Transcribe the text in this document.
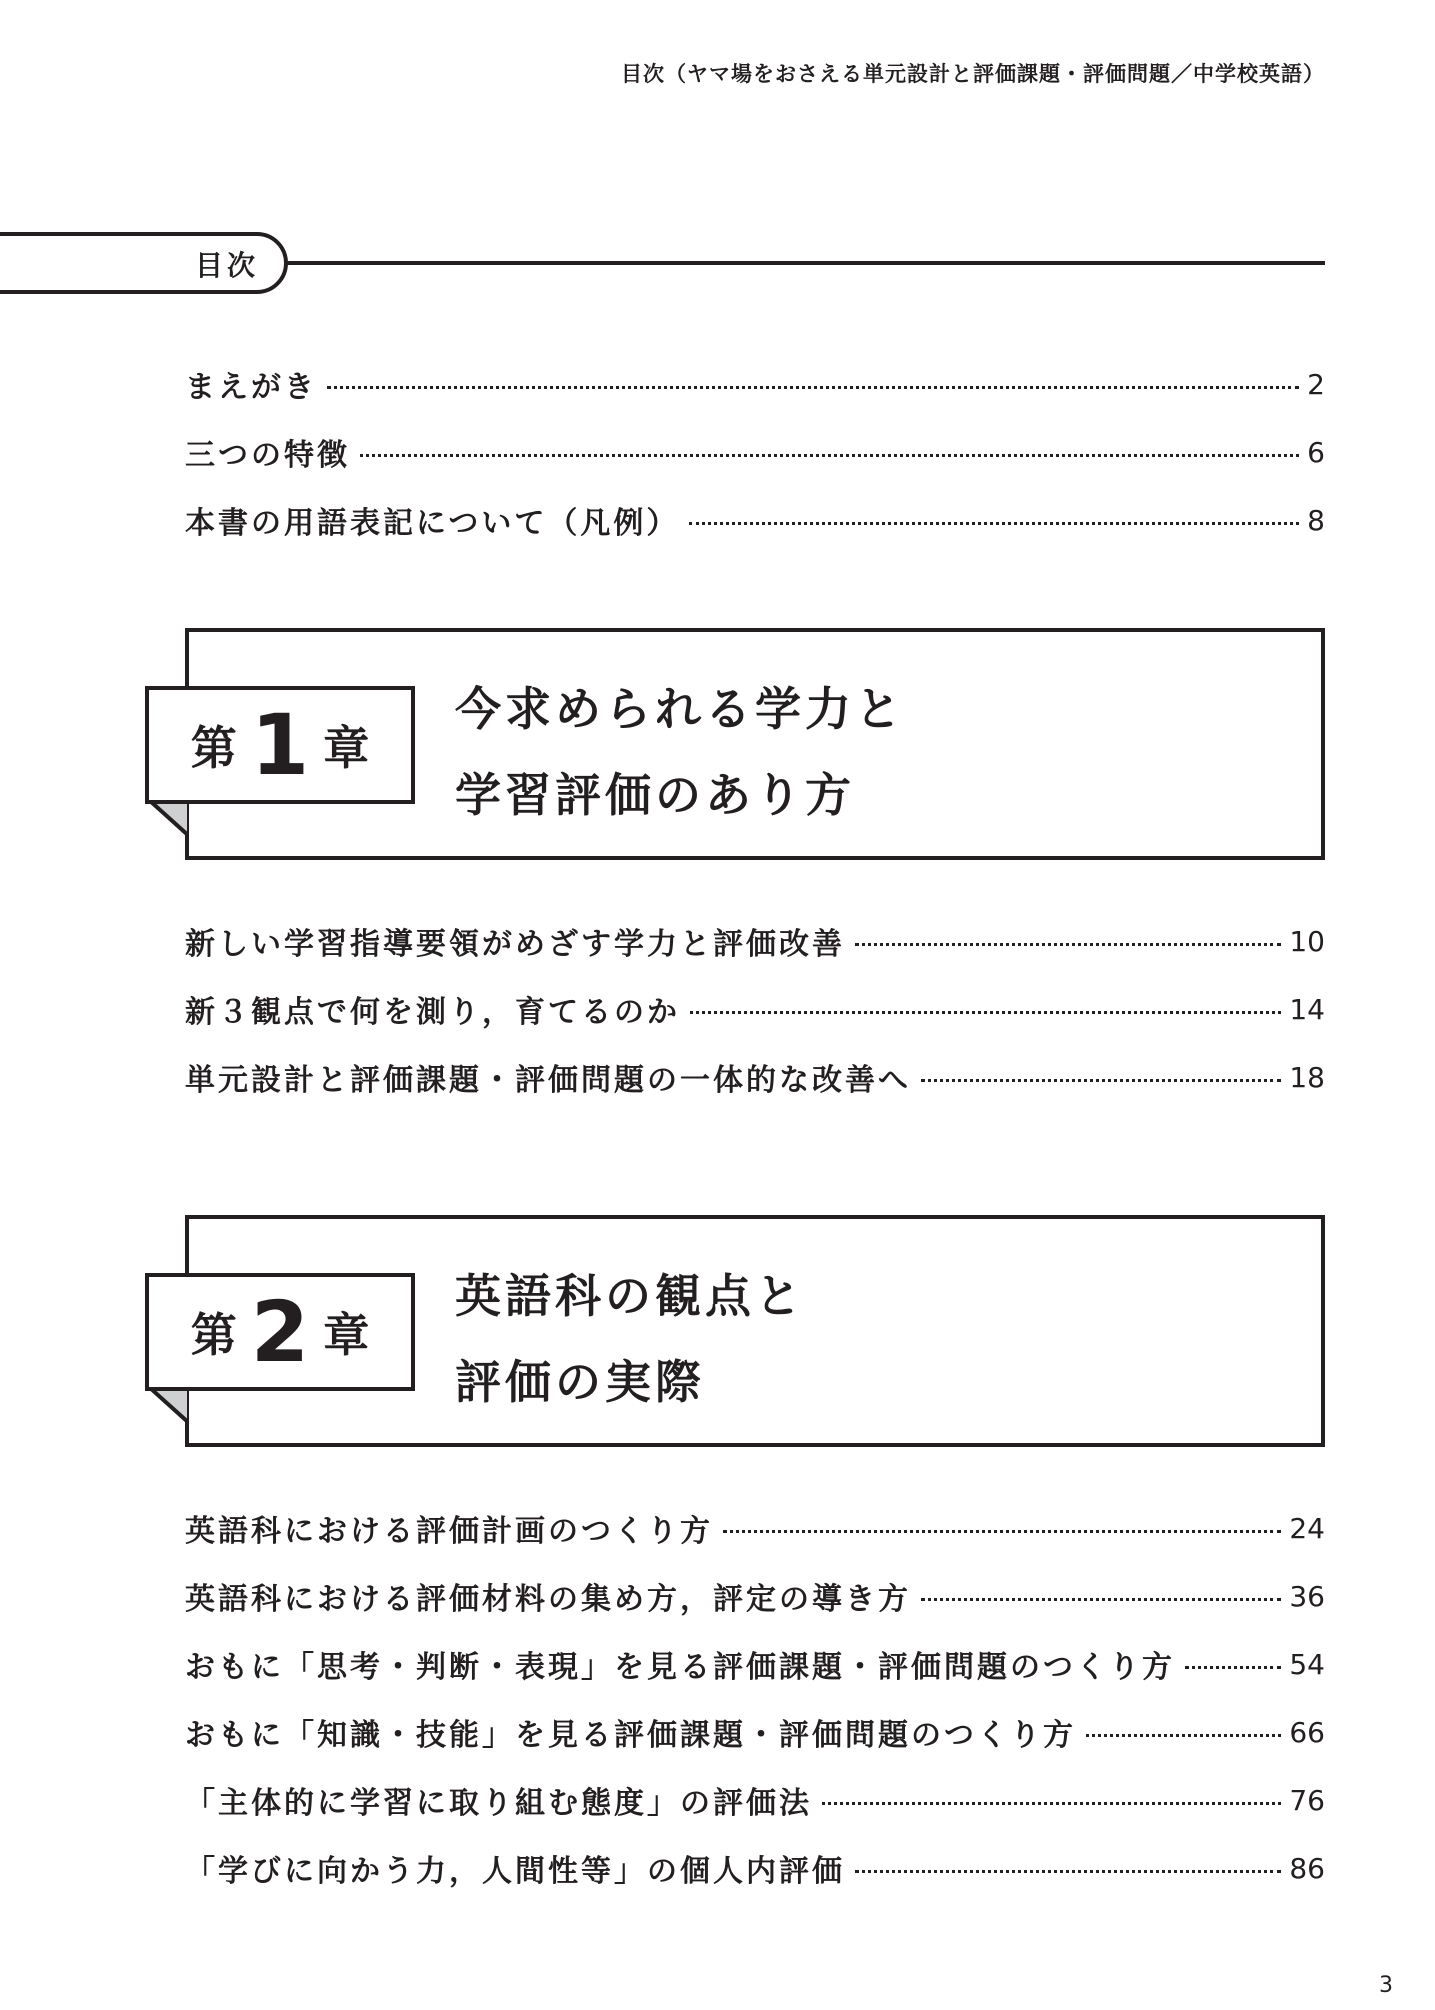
目次（ヤマ場をおさえる単元設計と評価課題・評価問題／中学校英語）
目次
まえがき	2
三つの特徴	6
本書の用語表記について（凡例）	8
第 1 章
今求められる学力と
学習評価のあり方
新しい学習指導要領がめざす学力と評価改善	10
新３観点で何を測り，育てるのか	14
単元設計と評価課題・評価問題の一体的な改善へ	18
第 2 章
英語科の観点と
評価の実際
英語科における評価計画のつくり方	24
英語科における評価材料の集め方，評定の導き方	36
おもに「思考・判断・表現」を見る評価課題・評価問題のつくり方	54
おもに「知識・技能」を見る評価課題・評価問題のつくり方	66
「主体的に学習に取り組む態度」の評価法	76
「学びに向かう力，人間性等」の個人内評価	86
3
